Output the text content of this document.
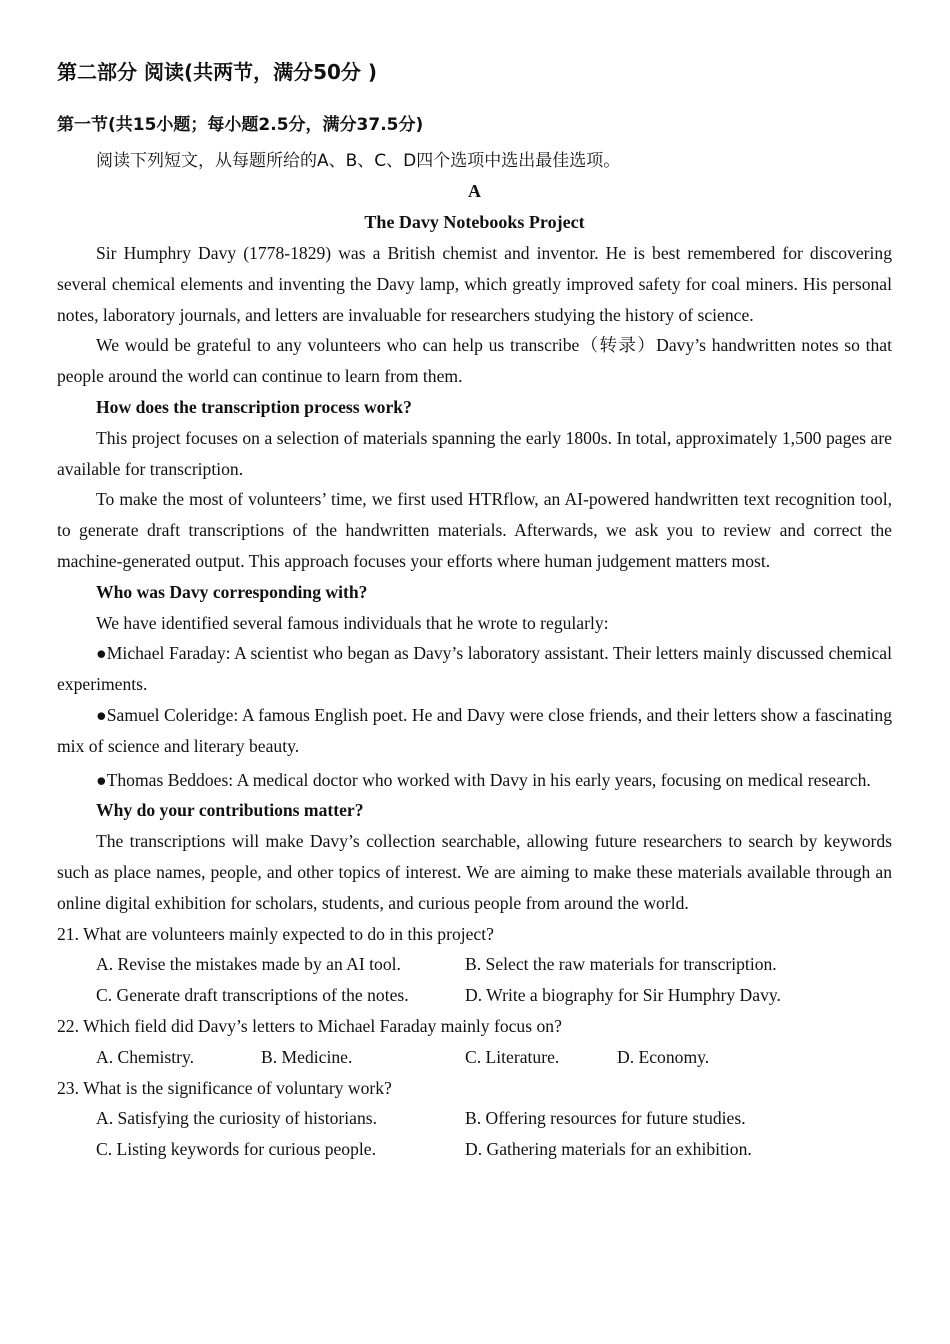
第二部分 阅读(共两节，满分50分 )
第一节(共15小题；每小题2.5分，满分37.5分)
阅读下列短文，从每题所给的A、B、C、D四个选项中选出最佳选项。
A
The Davy Notebooks Project

Sir Humphry Davy (1778-1829) was a British chemist and inventor. He is best remembered for discovering several chemical elements and inventing the Davy lamp, which greatly improved safety for coal miners. His personal notes, laboratory journals, and letters are invaluable for researchers studying the history of science.

We would be grateful to any volunteers who can help us transcribe（转录）Davy’s handwritten notes so that people around the world can continue to learn from them.

How does the transcription process work?

This project focuses on a selection of materials spanning the early 1800s. In total, approximately 1,500 pages are available for transcription.

To make the most of volunteers’ time, we first used HTRflow, an AI-powered handwritten text recognition tool, to generate draft transcriptions of the handwritten materials. Afterwards, we ask you to review and correct the machine-generated output. This approach focuses your efforts where human judgement matters most.

Who was Davy corresponding with?

We have identified several famous individuals that he wrote to regularly:

●Michael Faraday: A scientist who began as Davy’s laboratory assistant. Their letters mainly discussed chemical experiments.

●Samuel Coleridge: A famous English poet. He and Davy were close friends, and their letters show a fascinating mix of science and literary beauty.

●Thomas Beddoes: A medical doctor who worked with Davy in his early years, focusing on medical research.

Why do your contributions matter?

The transcriptions will make Davy’s collection searchable, allowing future researchers to search by keywords such as place names, people, and other topics of interest. We are aiming to make these materials available through an online digital exhibition for scholars, students, and curious people from around the world.

21. What are volunteers mainly expected to do in this project?

A. Revise the mistakes made by an AI tool.	B. Select the raw materials for transcription.
C. Generate draft transcriptions of the notes.	D. Write a biography for Sir Humphry Davy.

22. Which field did Davy’s letters to Michael Faraday mainly focus on?

A. Chemistry.	B. Medicine.	C. Literature.	D. Economy.

23. What is the significance of voluntary work?

A. Satisfying the curiosity of historians.	B. Offering resources for future studies.
C. Listing keywords for curious people.	D. Gathering materials for an exhibition.
